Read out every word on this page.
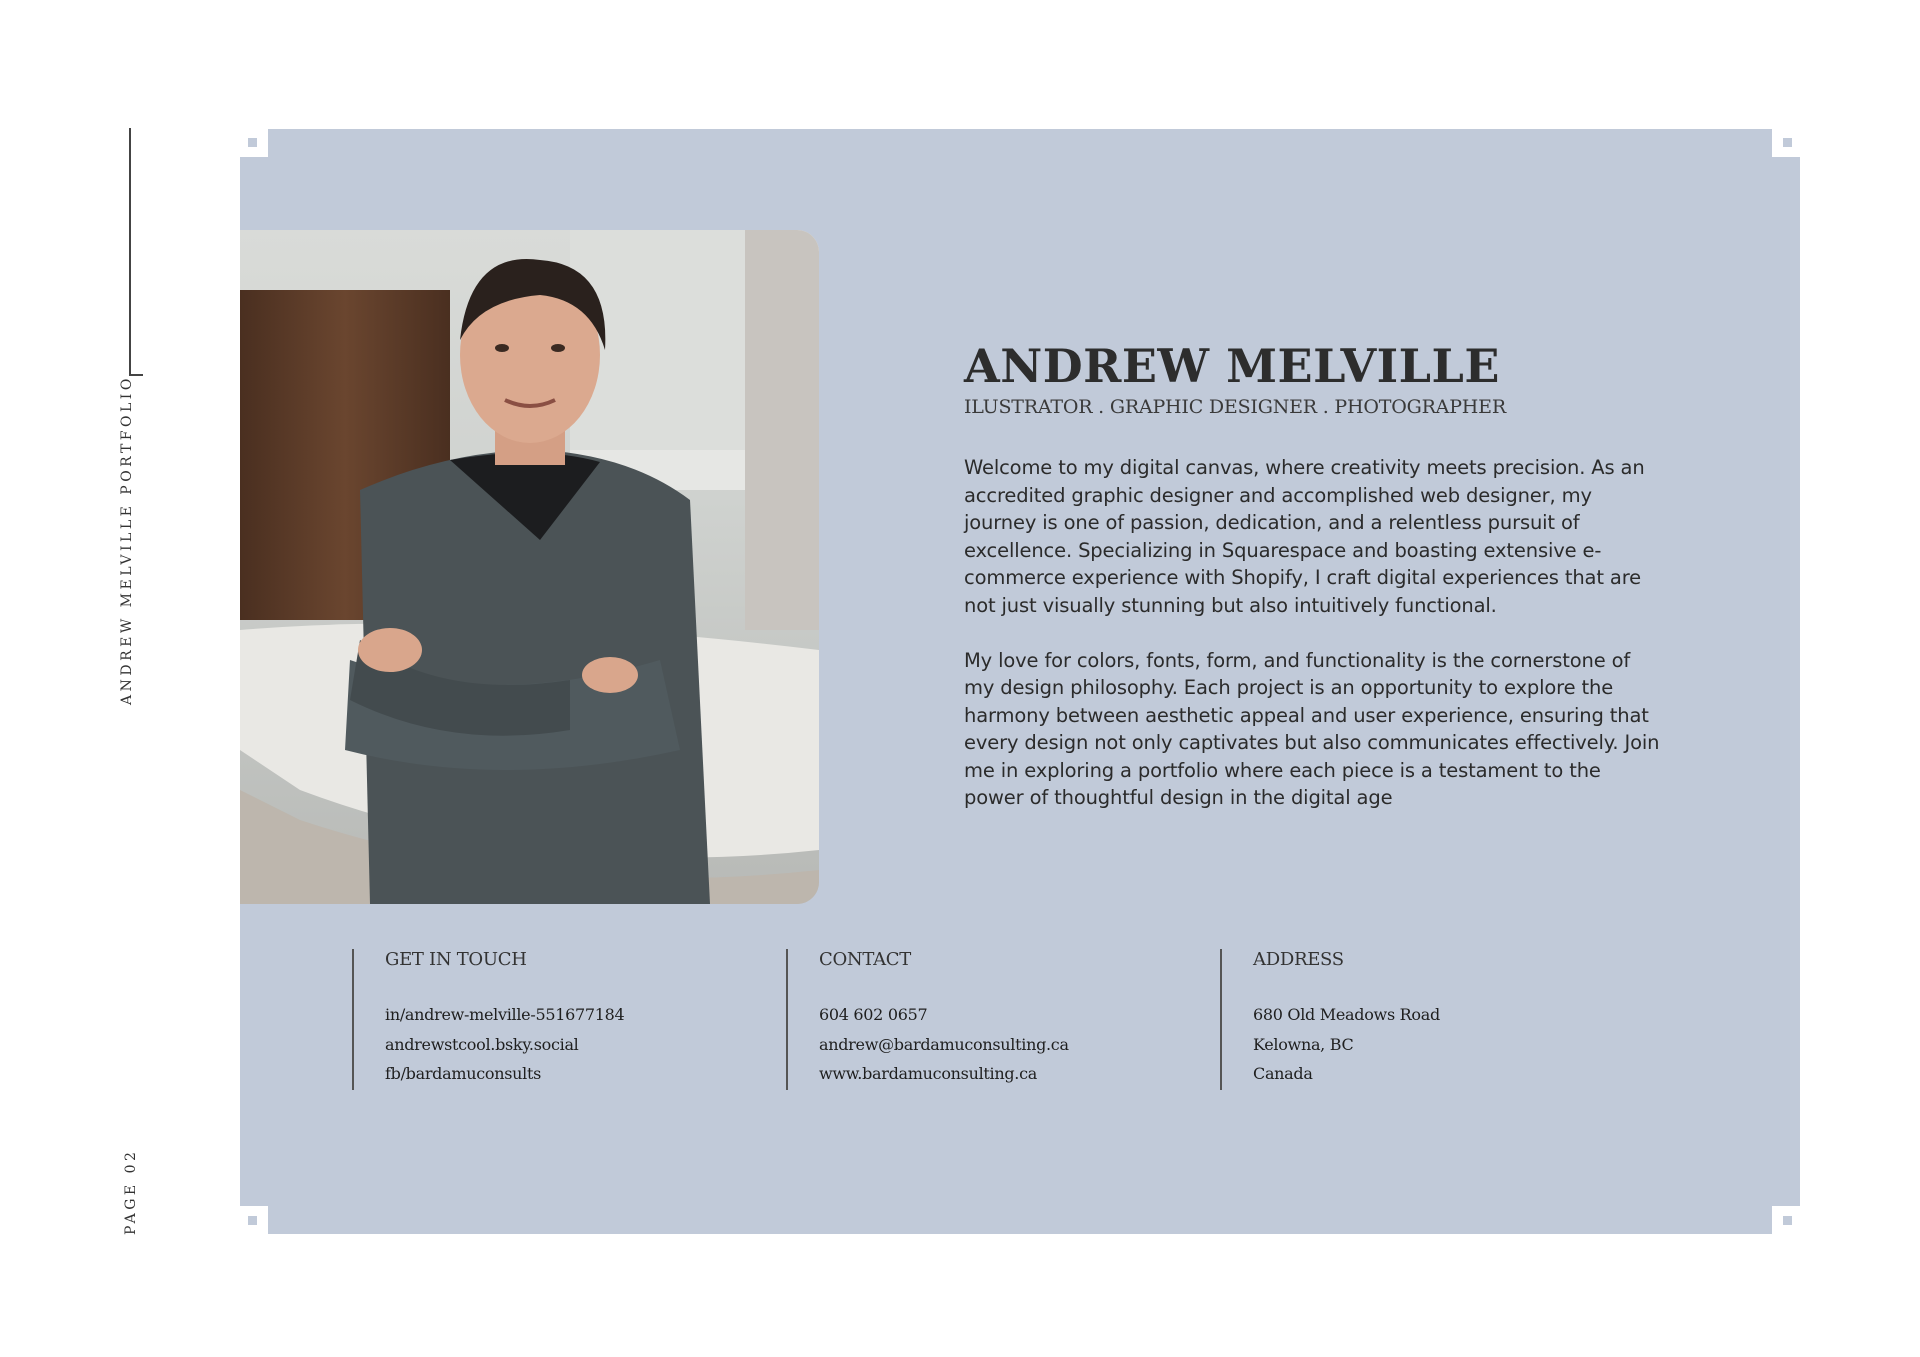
ANDREW MELVILLE PORTFOLIO
PAGE 02
ANDREW MELVILLE
ILUSTRATOR . GRAPHIC DESIGNER . PHOTOGRAPHER

Welcome to my digital canvas, where creativity meets precision. As an accredited graphic designer and accomplished web designer, my journey is one of passion, dedication, and a relentless pursuit of excellence. Specializing in Squarespace and boasting extensive e-commerce experience with Shopify, I craft digital experiences that are not just visually stunning but also intuitively functional.

My love for colors, fonts, form, and functionality is the cornerstone of my design philosophy. Each project is an opportunity to explore the harmony between aesthetic appeal and user experience, ensuring that every design not only captivates but also communicates effectively. Join me in exploring a portfolio where each piece is a testament to the power of thoughtful design in the digital age

GET IN TOUCH
in/andrew-melville-551677184
andrewstcool.bsky.social
fb/bardamuconsults
CONTACT
604 602 0657
andrew@bardamuconsulting.ca
www.bardamuconsulting.ca
ADDRESS
680 Old Meadows Road
Kelowna, BC
Canada
